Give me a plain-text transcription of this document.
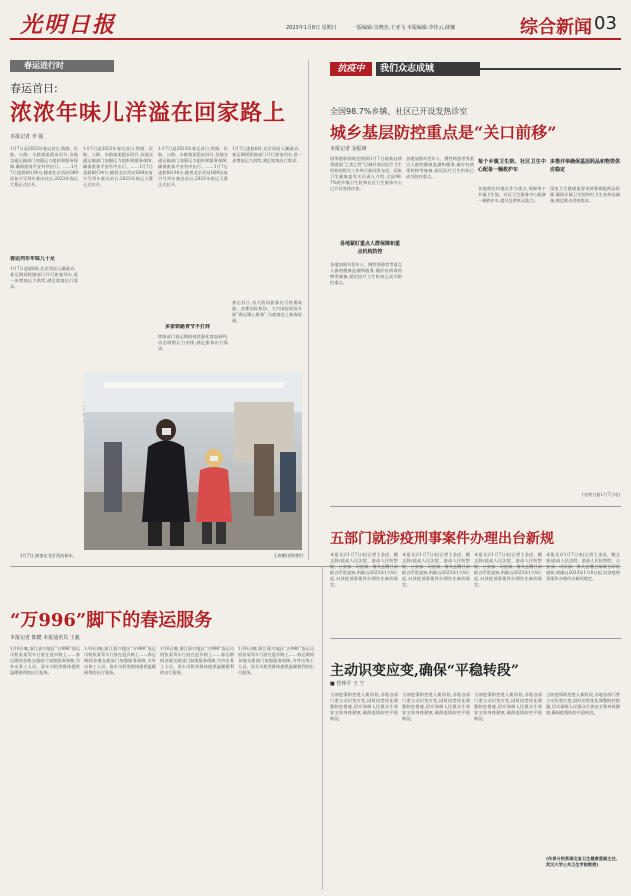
光明日报	2023年1月8日 星期日	一版编辑:吴晓杰,王亚飞 本版编辑:李佳云,薛娜	综合新闻 03
春运进行时
春运首日:
浓浓年味儿洋溢在回家路上
本报记者 李 强
1月7日是2023年春运首日,铁路、民航、公路、水路客流稳步回升,各地交通运输部门加强运力组织和服务保障,确保旅客平安有序出行。……1月7日凌晨6时34分,随着北京西站G89次复兴号列车驶出站台,2023年春运大幕正式拉开。
春运列车年味儿十足
1月7日凌晨6时,北京西站人潮涌动。春运期间铁路部门开行旅客列车,进一步增加运力供给,满足旅客出行需求。
1月7日是2023年春运首日,铁路、民航、公路、水路客流稳步回升,各地交通运输部门加强运力组织和服务保障,确保旅客平安有序出行。……1月7日凌晨6时34分,随着北京西站G89次复兴号列车驶出站台,2023年春运大幕正式拉开。
1月7日是2023年春运首日,铁路、民航、公路、水路客流稳步回升,各地交通运输部门加强运力组织和服务保障,确保旅客平安有序出行。……1月7日凌晨6时34分,随着北京西站G89次复兴号列车驶出站台,2023年春运大幕正式拉开。
多家铁路青节不打烊
铁路部门春运期间持续强化客流研判,动态调整运力安排,满足旅客出行需求。
1月7日凌晨6时,北京西站人潮涌动。春运期间铁路部门开行旅客列车,进一步增加运力供给,满足旅客出行需求。
春运首日,各大机场旅客出行热情高涨。首都国际机场、大兴国际机场开展“春运暖心服务”,为旅客送上新春祝福。
1月7日,旅客在北京西站候车。	王欢摄/光明图片
抗疫中	我们众志成城
全国98.7%乡镇、社区已开设发热诊室
城乡基层防控重点是“关口前移”
本报记者 金振娅
国务院联防联控机制1月7日就新冠病毒感染“乙类乙管”后城乡基层医疗卫生机构的相关工作举行新闻发布会。国家卫生健康委有关负责人介绍,全国98.7%的乡镇卫生院和社区卫生服务中心已开设发热诊室。
各地紧盯重点人群保障和重点机构防控
各地加强对老年人、慢性病患者等重点人群的健康监测和服务,做好抗病毒药物等储备,基层医疗卫生机构已成为防控重点。
各地加强对老年人、慢性病患者等重点人群的健康监测和服务,做好抗病毒药物等储备,基层医疗卫生机构已成为防控重点。
每个乡镇卫生院、社区卫生中心配备一辆救护车
各地将农村地区作为重点,保障每个乡镇卫生院、社区卫生服务中心配备一辆救护车,提升急救转运能力。
多措并举确保基层药品和物资供应稳定
国家卫生健康委要求统筹调配药品资源,确保乡镇卫生院和村卫生室药品储备,满足群众用药需求。
(光明日报1月7日电)
五部门就涉疫刑事案件办理出台新规
本报北京1月7日电(记者王金虎、鲍文娟)最高人民法院、最高人民检察院、公安部、司法部、海关总署日前联合印发通知,明确自2023年1月8日起,对涉疫刑事案件办理作出新的规定。
本报北京1月7日电(记者王金虎、鲍文娟)最高人民法院、最高人民检察院、公安部、司法部、海关总署日前联合印发通知,明确自2023年1月8日起,对涉疫刑事案件办理作出新的规定。
本报北京1月7日电(记者王金虎、鲍文娟)最高人民法院、最高人民检察院、公安部、司法部、海关总署日前联合印发通知,明确自2023年1月8日起,对涉疫刑事案件办理作出新的规定。
本报北京1月7日电(记者王金虎、鲍文娟)最高人民法院、最高人民检察院、公安部、司法部、海关总署日前联合印发通知,明确自2023年1月8日起,对涉疫刑事案件办理作出新的规定。
主动识变应变,确保“平稳转段”
■ 管仲平 王 宁
当前疫情防控进入新阶段,各地各部门要主动识变应变,因时因势优化调整防控措施,切实保障人民群众生命安全和身体健康,确保疫情防控平稳转段。
当前疫情防控进入新阶段,各地各部门要主动识变应变,因时因势优化调整防控措施,切实保障人民群众生命安全和身体健康,确保疫情防控平稳转段。
当前疫情防控进入新阶段,各地各部门要主动识变应变,因时因势优化调整防控措施,切实保障人民群众生命安全和身体健康,确保疫情防控平稳转段。
当前疫情防控进入新阶段,各地各部门要主动识变应变,因时因势优化调整防控措施,切实保障人民群众生命安全和身体健康,确保疫情防控平稳转段。
(作者分别系湖北省卫生健康委副主任、武汉大学公共卫生学院教授)
“万996”脚下的春运服务
本报记者 陈健 本报通讯员 王毅
1月6日晚,浙江嘉兴地区“万996”货运司机张某驾车行驶在返乡路上……春运期间各地交通部门加强服务保障,为外出务工人员、货车司机等群体提供温暖便利的出行服务。
1月6日晚,浙江嘉兴地区“万996”货运司机张某驾车行驶在返乡路上……春运期间各地交通部门加强服务保障,为外出务工人员、货车司机等群体提供温暖便利的出行服务。
1月6日晚,浙江嘉兴地区“万996”货运司机张某驾车行驶在返乡路上……春运期间各地交通部门加强服务保障,为外出务工人员、货车司机等群体提供温暖便利的出行服务。
1月6日晚,浙江嘉兴地区“万996”货运司机张某驾车行驶在返乡路上……春运期间各地交通部门加强服务保障,为外出务工人员、货车司机等群体提供温暖便利的出行服务。
